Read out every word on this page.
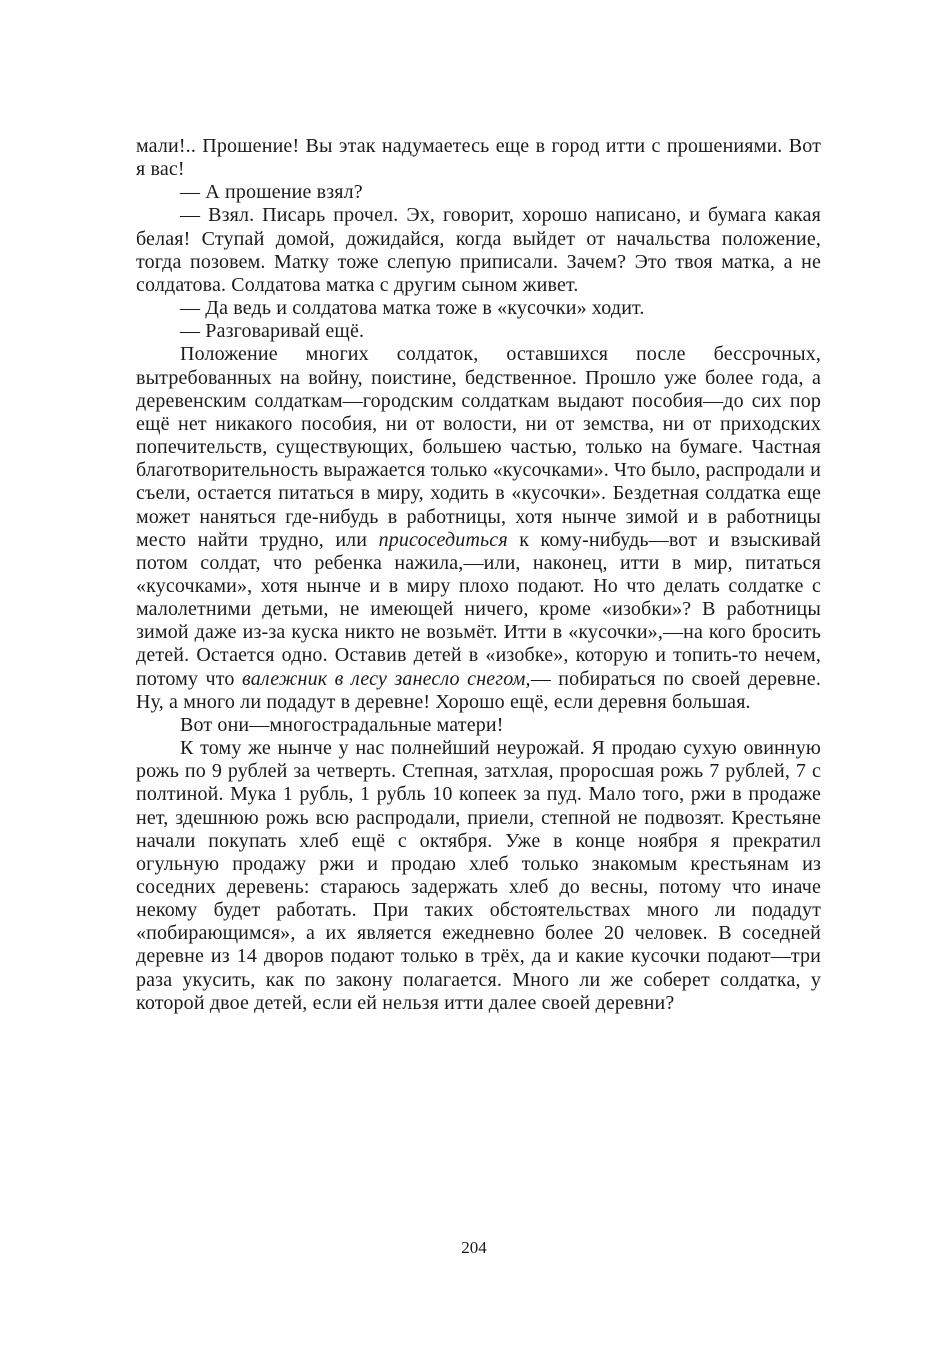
мали!.. Прошение! Вы этак надумаетесь еще в город итти с прошениями. Вот я вас!

— А прошение взял?

— Взял. Писарь прочел. Эх, говорит, хорошо написано, и бумага какая белая! Ступай домой, дожидайся, когда выйдет от начальства положение, тогда позовем. Матку тоже слепую приписали. Зачем? Это твоя матка, а не солдатова. Солдатова матка с другим сыном живет.

— Да ведь и солдатова матка тоже в «кусочки» ходит.

— Разговаривай ещё.

Положение многих солдаток, оставшихся после бессрочных, вытребованных на войну, поистине, бедственное. Прошло уже более года, а деревенским солдаткам—городским солдаткам выдают пособия—до сих пор ещё нет никакого пособия, ни от волости, ни от земства, ни от приходских попечительств, существующих, большею частью, только на бумаге. Частная благотворительность выражается только «кусочками». Что было, распродали и съели, остается питаться в миру, ходить в «кусочки». Бездетная солдатка еще может наняться где-нибудь в работницы, хотя нынче зимой и в работницы место найти трудно, или присоседиться к кому-нибудь—вот и взыскивай потом солдат, что ребенка нажила,—или, наконец, итти в мир, питаться «кусочками», хотя нынче и в миру плохо подают. Но что делать солдатке с малолетними детьми, не имеющей ничего, кроме «изобки»? В работницы зимой даже из-за куска никто не возьмёт. Итти в «кусочки»,—на кого бросить детей. Остается одно. Оставив детей в «изобке», которую и топить-то нечем, потому что валежник в лесу занесло снегом,— побираться по своей деревне. Ну, а много ли подадут в деревне! Хорошо ещё, если деревня большая.

Вот они—многострадальные матери!

К тому же нынче у нас полнейший неурожай. Я продаю сухую овинную рожь по 9 рублей за четверть. Степная, затхлая, проросшая рожь 7 рублей, 7 с полтиной. Мука 1 рубль, 1 рубль 10 копеек за пуд. Мало того, ржи в продаже нет, здешнюю рожь всю распродали, приели, степной не подвозят. Крестьяне начали покупать хлеб ещё с октября. Уже в конце ноября я прекратил огульную продажу ржи и продаю хлеб только знакомым крестьянам из соседних деревень: стараюсь задержать хлеб до весны, потому что иначе некому будет работать. При таких обстоятельствах много ли подадут «побирающимся», а их является ежедневно более 20 человек. В соседней деревне из 14 дворов подают только в трёх, да и какие кусочки подают—три раза укусить, как по закону полагается. Много ли же соберет солдатка, у которой двое детей, если ей нельзя итти далее своей деревни?

204
